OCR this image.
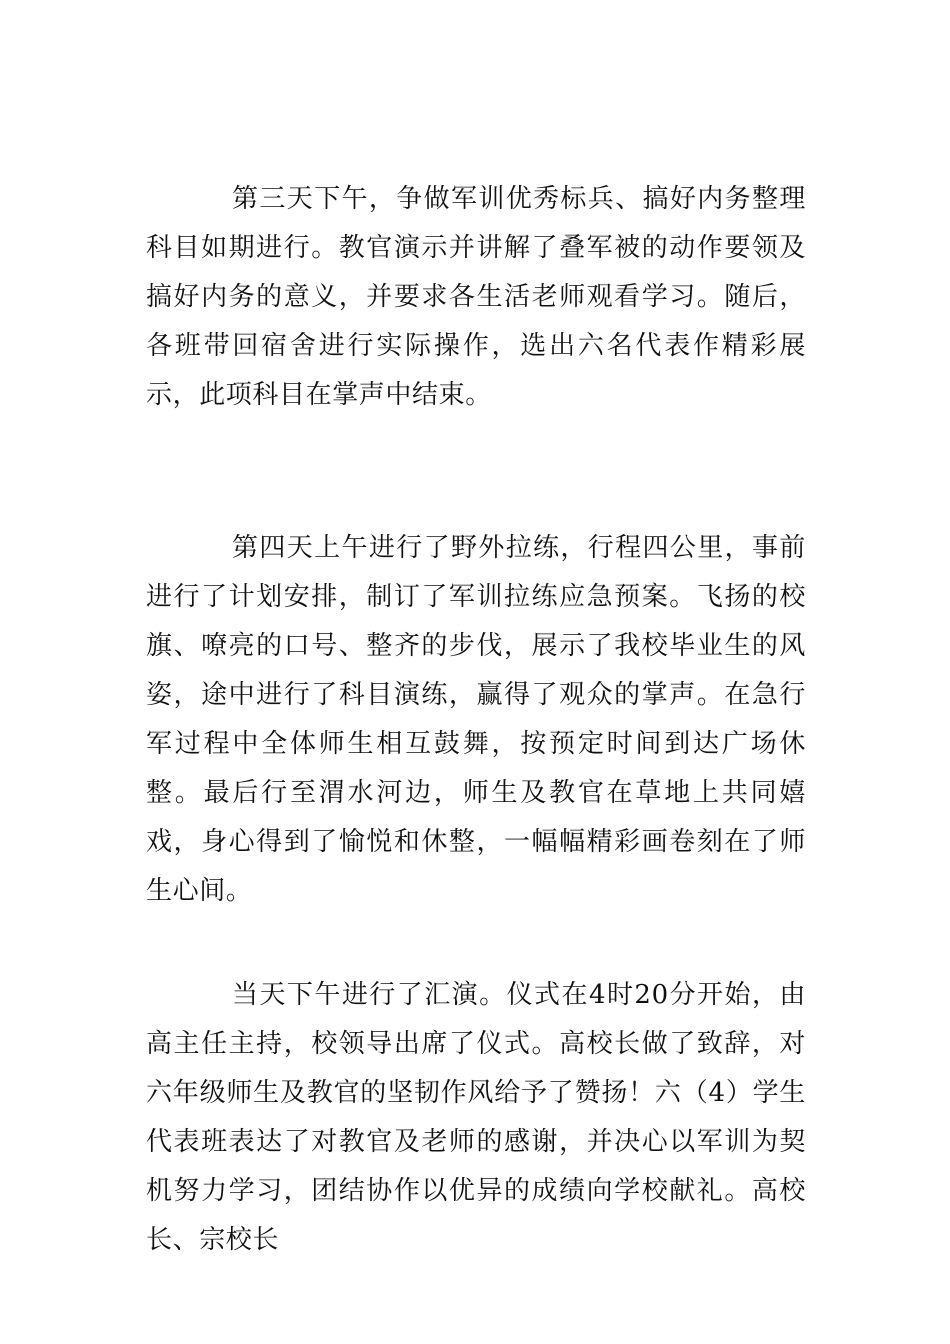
第三天下午，争做军训优秀标兵、搞好内务整理科目如期进行。教官演示并讲解了叠军被的动作要领及搞好内务的意义，并要求各生活老师观看学习。随后，各班带回宿舍进行实际操作，选出六名代表作精彩展示，此项科目在掌声中结束。

第四天上午进行了野外拉练，行程四公里，事前进行了计划安排，制订了军训拉练应急预案。飞扬的校旗、嘹亮的口号、整齐的步伐，展示了我校毕业生的风姿，途中进行了科目演练，赢得了观众的掌声。在急行军过程中全体师生相互鼓舞，按预定时间到达广场休整。最后行至渭水河边，师生及教官在草地上共同嬉戏，身心得到了愉悦和休整，一幅幅精彩画卷刻在了师生心间。

当天下午进行了汇演。仪式在4时20分开始，由高主任主持，校领导出席了仪式。高校长做了致辞，对六年级师生及教官的坚韧作风给予了赞扬！六（4）学生代表班表达了对教官及老师的感谢，并决心以军训为契机努力学习，团结协作以优异的成绩向学校献礼。高校长、宗校长
